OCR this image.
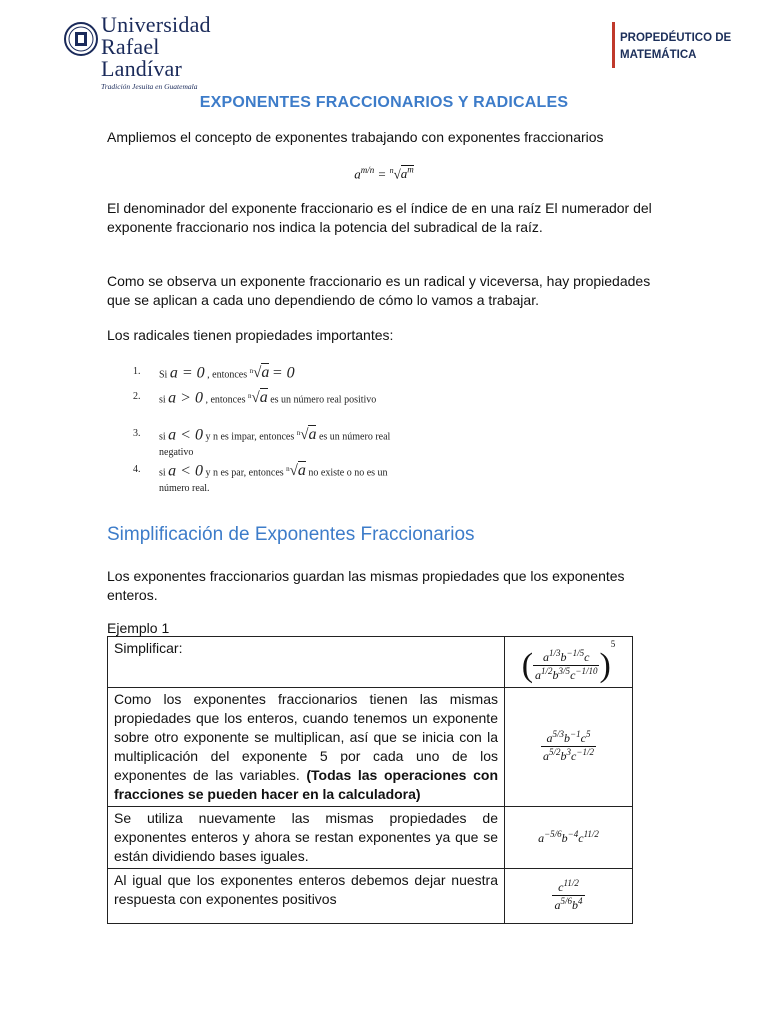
Universidad
Rafael Landívar
Tradición Jesuita en Guatemala
PROPEDÉUTICO DE
MATEMÁTICA
EXPONENTES FRACCIONARIOS Y RADICALES
Ampliemos el concepto de exponentes trabajando con exponentes fraccionarios
$a^{m/n} = ^n√a^m$
El denominador del exponente fraccionario es el índice de en una raíz El numerador del exponente fraccionario nos indica la potencia del subradical de la raíz.
Como se observa un exponente fraccionario es un radical y viceversa, hay propiedades que se aplican a cada uno dependiendo de cómo lo vamos a trabajar.
Los radicales tienen propiedades importantes:
1. Si a = 0 , entonces $^n$√a = 0
2. si a > 0 , entonces $^n$√a es un número real positivo
3. si a < 0 y n es impar, entonces $^n$√a es un número real negativo
4. si a < 0 y n es par, entonces $^n$√a no existe o no es un número real.
Simplificación de Exponentes Fraccionarios
Los exponentes fraccionarios guardan las mismas propiedades que los exponentes enteros.
Ejemplo 1
Simplificar:	( $\frac{a^{1/3}b^{-1/5}c}{a^{1/2}b^{3/5}c^{-1/10}} )^5$
Como los exponentes fraccionarios tienen las mismas propiedades que los enteros, cuando tenemos un exponente sobre otro exponente se multiplican, así que se inicia con la multiplicación del exponente 5 por cada uno de los exponentes de las variables. (Todas las operaciones con fracciones se pueden hacer en la calculadora)	$\frac{a^{5/3}b^{-1}c^5}{a^{5/2}b^3c^{-1/2}}$

Se utiliza nuevamente las mismas propiedades de exponentes enteros y ahora se restan exponentes ya que se están dividiendo bases iguales.	$a^{-5/6}b^{-4}c^{11/2}$
Al igual que los exponentes enteros debemos dejar nuestra respuesta con exponentes positivos	$\frac{c^{11/2}}{a^{5/6}b^4}$
